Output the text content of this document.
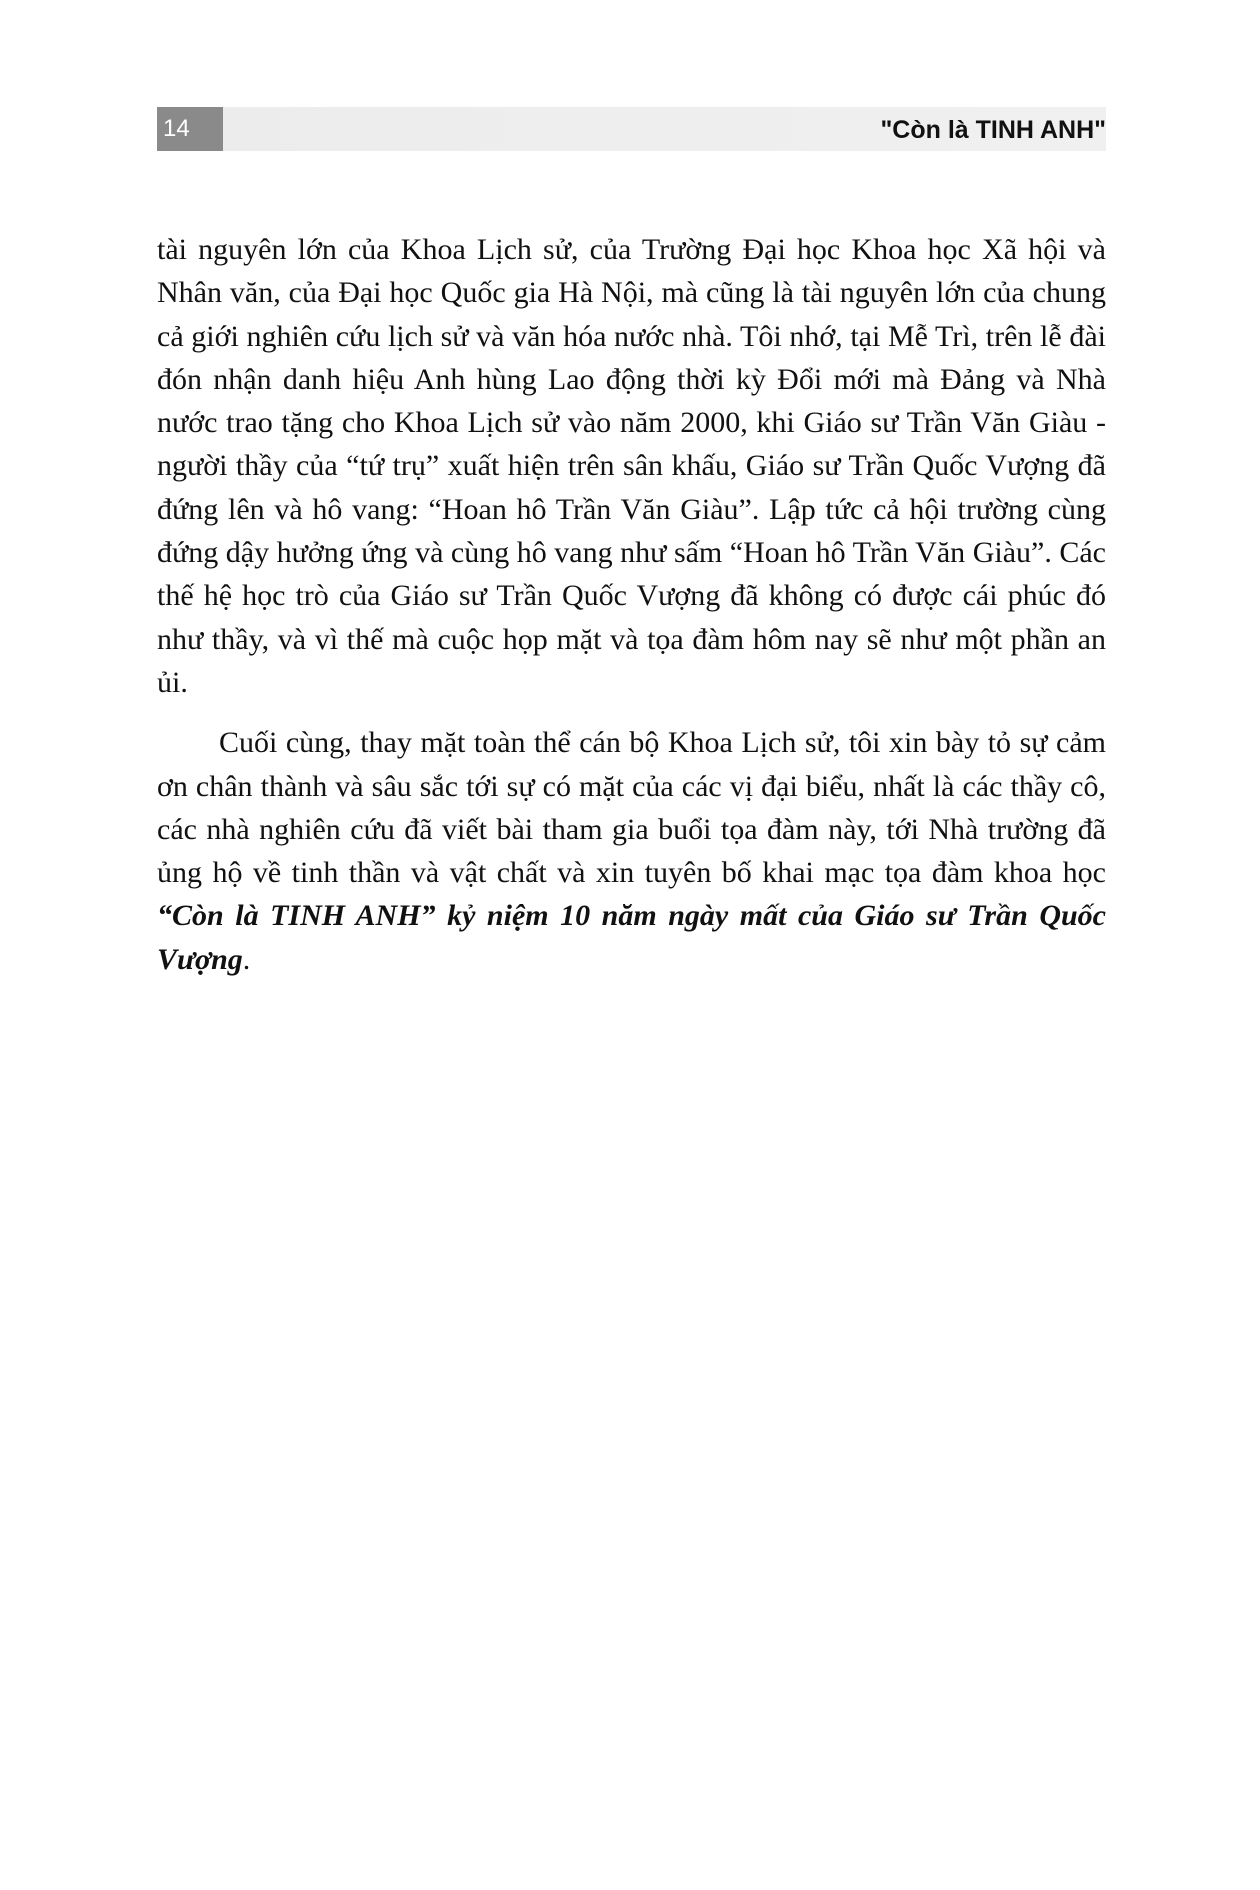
14	"Còn là TINH ANH"

tài nguyên lớn của Khoa Lịch sử, của Trường Đại học Khoa học Xã hội và Nhân văn, của Đại học Quốc gia Hà Nội, mà cũng là tài nguyên lớn của chung cả giới nghiên cứu lịch sử và văn hóa nước nhà. Tôi nhớ, tại Mễ Trì, trên lễ đài đón nhận danh hiệu Anh hùng Lao động thời kỳ Đổi mới mà Đảng và Nhà nước trao tặng cho Khoa Lịch sử vào năm 2000, khi Giáo sư Trần Văn Giàu - người thầy của “tứ trụ” xuất hiện trên sân khấu, Giáo sư Trần Quốc Vượng đã đứng lên và hô vang: “Hoan hô Trần Văn Giàu”. Lập tức cả hội trường cùng đứng dậy hưởng ứng và cùng hô vang như sấm “Hoan hô Trần Văn Giàu”. Các thế hệ học trò của Giáo sư Trần Quốc Vượng đã không có được cái phúc đó như thầy, và vì thế mà cuộc họp mặt và tọa đàm hôm nay sẽ như một phần an ủi.

Cuối cùng, thay mặt toàn thể cán bộ Khoa Lịch sử, tôi xin bày tỏ sự cảm ơn chân thành và sâu sắc tới sự có mặt của các vị đại biểu, nhất là các thầy cô, các nhà nghiên cứu đã viết bài tham gia buổi tọa đàm này, tới Nhà trường đã ủng hộ về tinh thần và vật chất và xin tuyên bố khai mạc tọa đàm khoa học “Còn là TINH ANH” kỷ niệm 10 năm ngày mất của Giáo sư Trần Quốc Vượng.
